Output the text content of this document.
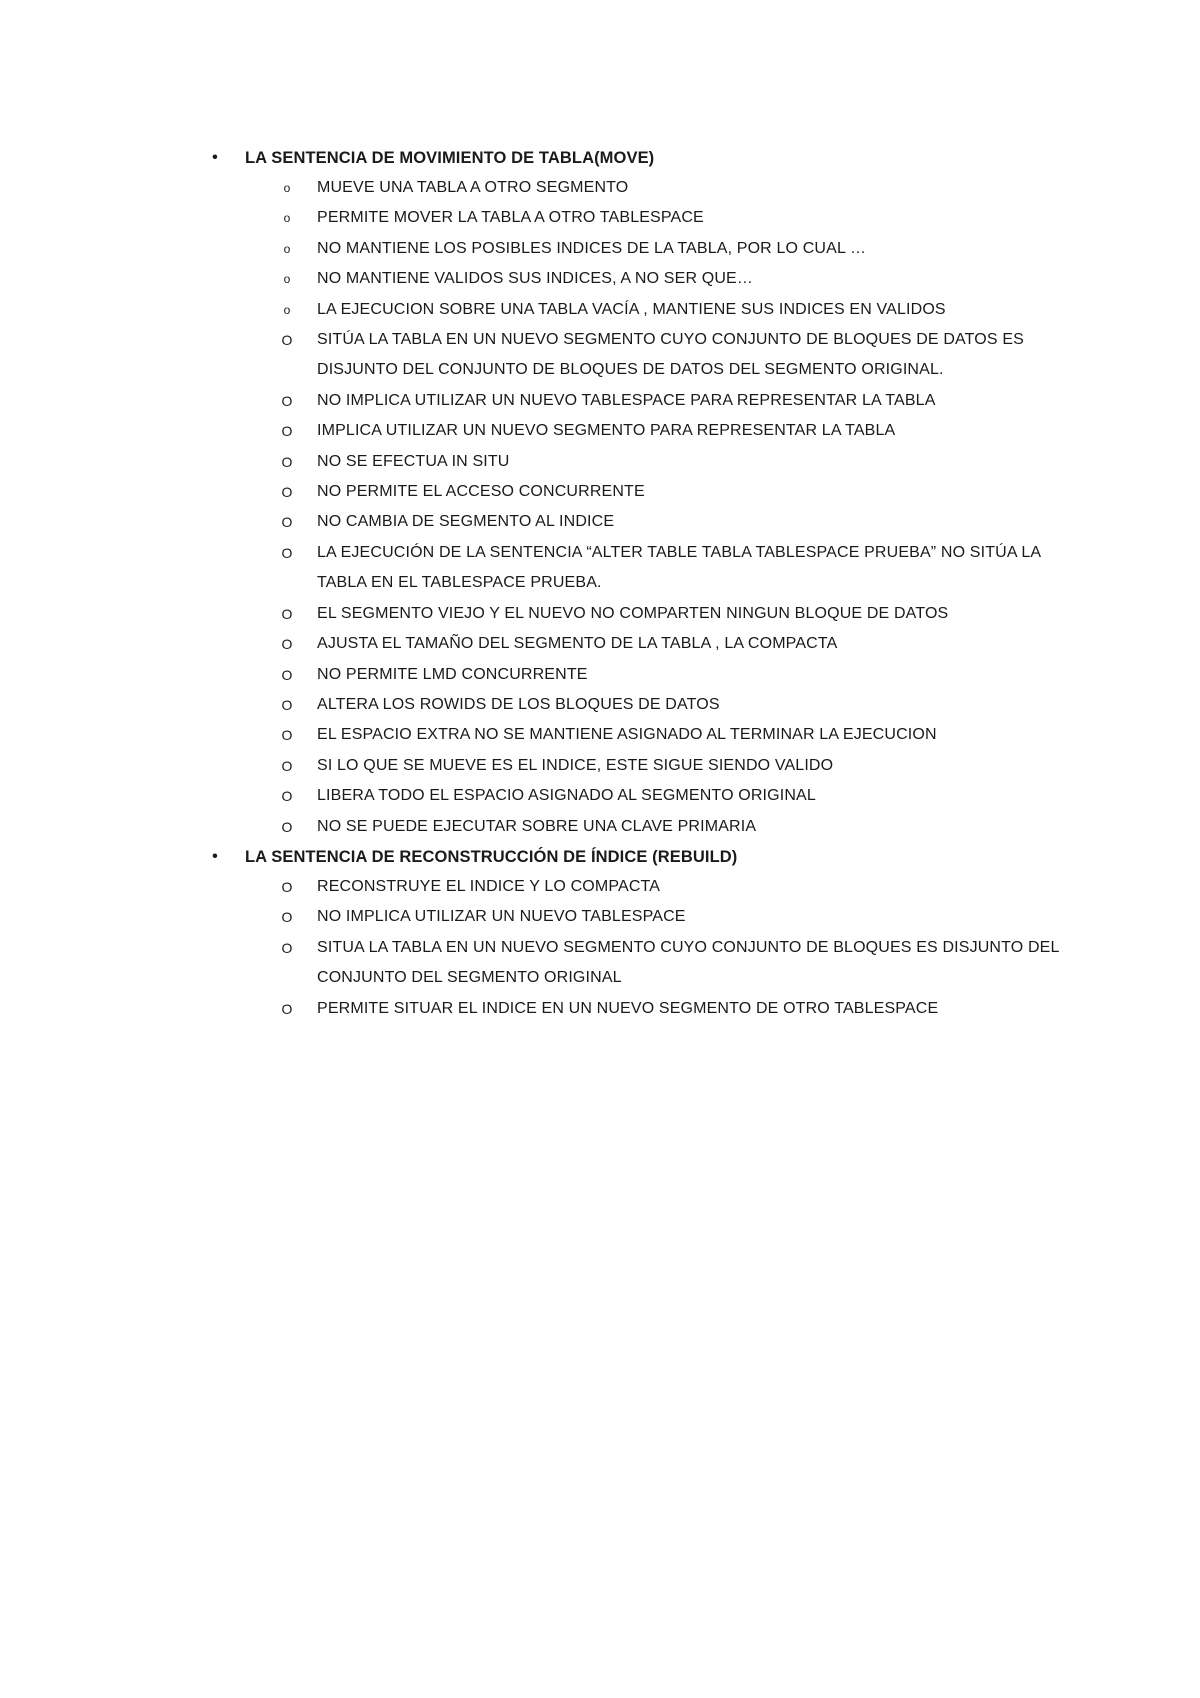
•	LA SENTENCIA DE MOVIMIENTO DE TABLA(MOVE)
o MUEVE UNA TABLA A OTRO SEGMENTO
o PERMITE MOVER LA TABLA A OTRO TABLESPACE
o NO MANTIENE LOS POSIBLES INDICES DE LA TABLA, POR LO CUAL …
o NO MANTIENE VALIDOS SUS INDICES, A NO SER QUE…
o LA EJECUCION SOBRE UNA TABLA VACÍA , MANTIENE SUS INDICES EN VALIDOS
O SITÚA LA TABLA EN UN NUEVO SEGMENTO CUYO CONJUNTO DE BLOQUES DE DATOS ES DISJUNTO DEL CONJUNTO DE BLOQUES DE DATOS DEL SEGMENTO ORIGINAL.
O NO IMPLICA UTILIZAR UN NUEVO TABLESPACE PARA REPRESENTAR LA TABLA
O IMPLICA UTILIZAR UN NUEVO SEGMENTO PARA REPRESENTAR LA TABLA
O NO SE EFECTUA IN SITU
O NO PERMITE EL ACCESO CONCURRENTE
O NO CAMBIA DE SEGMENTO AL INDICE
O LA EJECUCIÓN DE LA SENTENCIA “ALTER TABLE TABLA TABLESPACE PRUEBA” NO SITÚA LA TABLA EN EL TABLESPACE PRUEBA.
O EL SEGMENTO VIEJO Y EL NUEVO NO COMPARTEN NINGUN BLOQUE DE DATOS
O AJUSTA EL TAMAÑO DEL SEGMENTO DE LA TABLA , LA COMPACTA
O NO PERMITE LMD CONCURRENTE
O ALTERA LOS ROWIDS DE LOS BLOQUES DE DATOS
O EL ESPACIO EXTRA NO SE MANTIENE ASIGNADO AL TERMINAR LA EJECUCION
O SI LO QUE SE MUEVE ES EL INDICE, ESTE SIGUE SIENDO VALIDO
O LIBERA TODO EL ESPACIO ASIGNADO AL SEGMENTO ORIGINAL
O NO SE PUEDE EJECUTAR SOBRE UNA CLAVE PRIMARIA
•	LA SENTENCIA DE RECONSTRUCCIÓN DE ÍNDICE (REBUILD)
O RECONSTRUYE EL INDICE Y LO COMPACTA
O NO IMPLICA UTILIZAR UN NUEVO TABLESPACE
O SITUA LA TABLA EN UN NUEVO SEGMENTO CUYO CONJUNTO DE BLOQUES ES DISJUNTO DEL CONJUNTO DEL SEGMENTO ORIGINAL
O PERMITE SITUAR EL INDICE EN UN NUEVO SEGMENTO DE OTRO TABLESPACE
